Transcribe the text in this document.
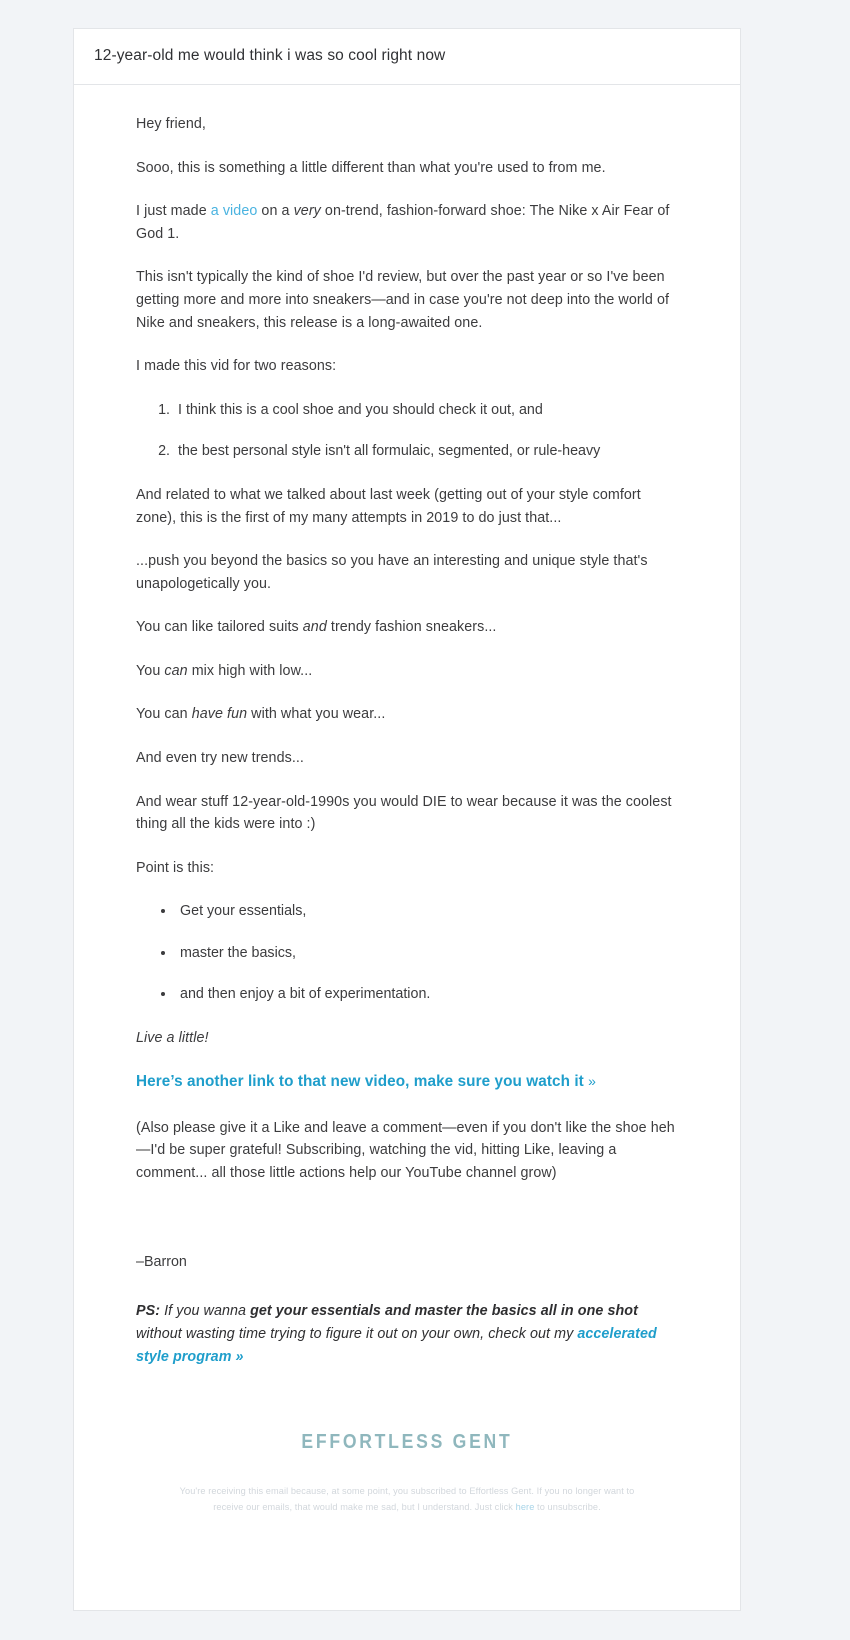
12-year-old me would think i was so cool right now

Hey friend,

Sooo, this is something a little different than what you're used to from me.

I just made a video on a very on-trend, fashion-forward shoe: The Nike x Air Fear of God 1.

This isn't typically the kind of shoe I'd review, but over the past year or so I've been getting more and more into sneakers—and in case you're not deep into the world of Nike and sneakers, this release is a long-awaited one.

I made this vid for two reasons:

1. I think this is a cool shoe and you should check it out, and
2. the best personal style isn't all formulaic, segmented, or rule-heavy

And related to what we talked about last week (getting out of your style comfort zone), this is the first of my many attempts in 2019 to do just that...

...push you beyond the basics so you have an interesting and unique style that's unapologetically you.

You can like tailored suits and trendy fashion sneakers...

You can mix high with low...

You can have fun with what you wear...

And even try new trends...

And wear stuff 12-year-old-1990s you would DIE to wear because it was the coolest thing all the kids were into :)

Point is this:

• Get your essentials,
• master the basics,
• and then enjoy a bit of experimentation.

Live a little!

Here’s another link to that new video, make sure you watch it »

(Also please give it a Like and leave a comment—even if you don't like the shoe heh—I'd be super grateful! Subscribing, watching the vid, hitting Like, leaving a comment... all those little actions help our YouTube channel grow)

–Barron

PS: If you wanna get your essentials and master the basics all in one shot without wasting time trying to figure it out on your own, check out my accelerated style program »

EFFORTLESS GENT
You're receiving this email because, at some point, you subscribed to Effortless Gent. If you no longer want to receive our emails, that would make me sad, but I understand. Just click here to unsubscribe.
